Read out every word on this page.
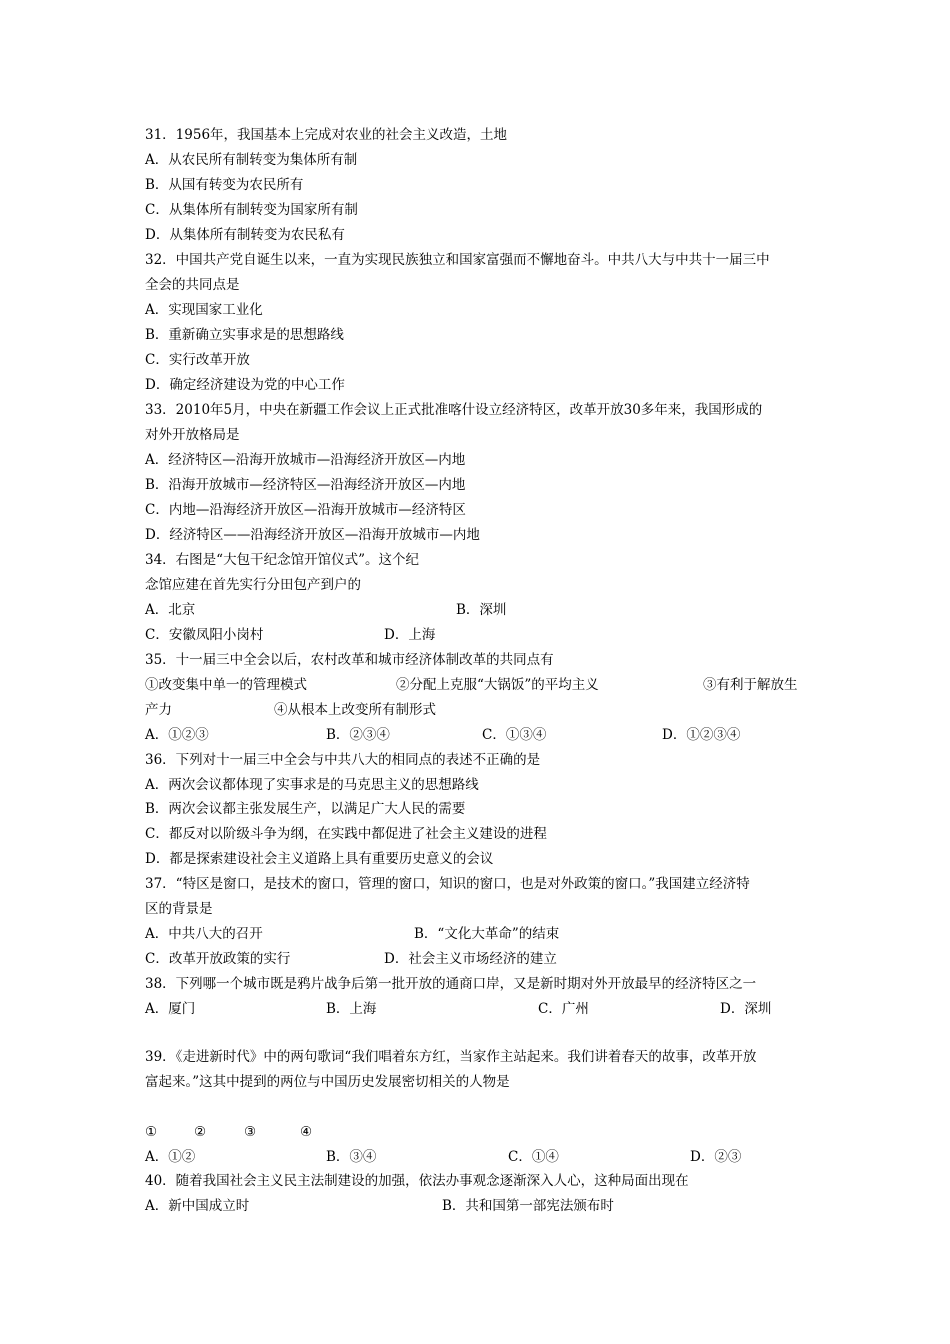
31．1956年，我国基本上完成对农业的社会主义改造，土地
A．从农民所有制转变为集体所有制
B．从国有转变为农民所有
C．从集体所有制转变为国家所有制
D．从集体所有制转变为农民私有
32．中国共产党自诞生以来，一直为实现民族独立和国家富强而不懈地奋斗。中共八大与中共十一届三中
全会的共同点是
A．实现国家工业化
B．重新确立实事求是的思想路线
C．实行改革开放
D．确定经济建设为党的中心工作
33．2010年5月，中央在新疆工作会议上正式批准喀什设立经济特区，改革开放30多年来，我国形成的
对外开放格局是
A．经济特区—沿海开放城市—沿海经济开放区—内地
B．沿海开放城市—经济特区—沿海经济开放区—内地
C．内地—沿海经济开放区—沿海开放城市—经济特区
D．经济特区——沿海经济开放区—沿海开放城市—内地
34．右图是“大包干纪念馆开馆仪式”。这个纪
念馆应建在首先实行分田包产到户的
A．北京	B．深圳
C．安徽凤阳小岗村	D．上海
35．十一届三中全会以后，农村改革和城市经济体制改革的共同点有
①改变集中单一的管理模式	②分配上克服“大锅饭”的平均主义	③有利于解放生
产力	④从根本上改变所有制形式
A．①②③	B．②③④	C．①③④	D．①②③④
36．下列对十一届三中全会与中共八大的相同点的表述不正确的是
A．两次会议都体现了实事求是的马克思主义的思想路线
B．两次会议都主张发展生产，以满足广大人民的需要
C．都反对以阶级斗争为纲，在实践中都促进了社会主义建设的进程
D．都是探索建设社会主义道路上具有重要历史意义的会议
37．“特区是窗口，是技术的窗口，管理的窗口，知识的窗口，也是对外政策的窗口。”我国建立经济特
区的背景是
A．中共八大的召开	B．“文化大革命”的结束
C．改革开放政策的实行	D．社会主义市场经济的建立
38．下列哪一个城市既是鸦片战争后第一批开放的通商口岸，又是新时期对外开放最早的经济特区之一
A．厦门	B．上海	C．广州	D．深圳
39．《走进新时代》中的两句歌词“我们唱着东方红，当家作主站起来。我们讲着春天的故事，改革开放
富起来。”这其中提到的两位与中国历史发展密切相关的人物是
①	②	③	④
A．①②	B．③④	C．①④	D．②③
40．随着我国社会主义民主法制建设的加强，依法办事观念逐渐深入人心，这种局面出现在
A．新中国成立时	B．共和国第一部宪法颁布时
